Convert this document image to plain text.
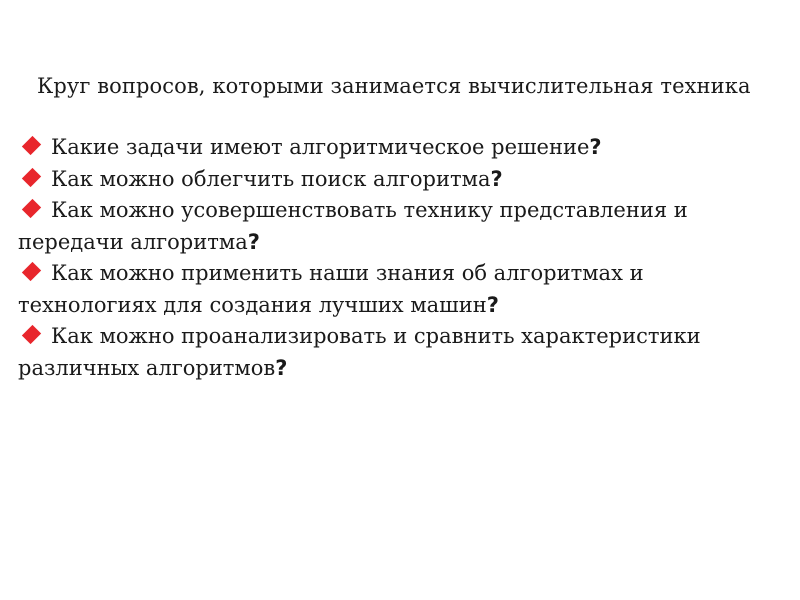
Круг вопросов, которыми занимается вычислительная техника
Какие задачи имеют алгоритмическое решение?
Как можно облегчить поиск алгоритма?
Как можно усовершенствовать технику представления и передачи алгоритма?
Как можно применить наши знания об алгоритмах и технологиях для создания лучших машин?
Как можно проанализировать и сравнить характеристики различных алгоритмов?
